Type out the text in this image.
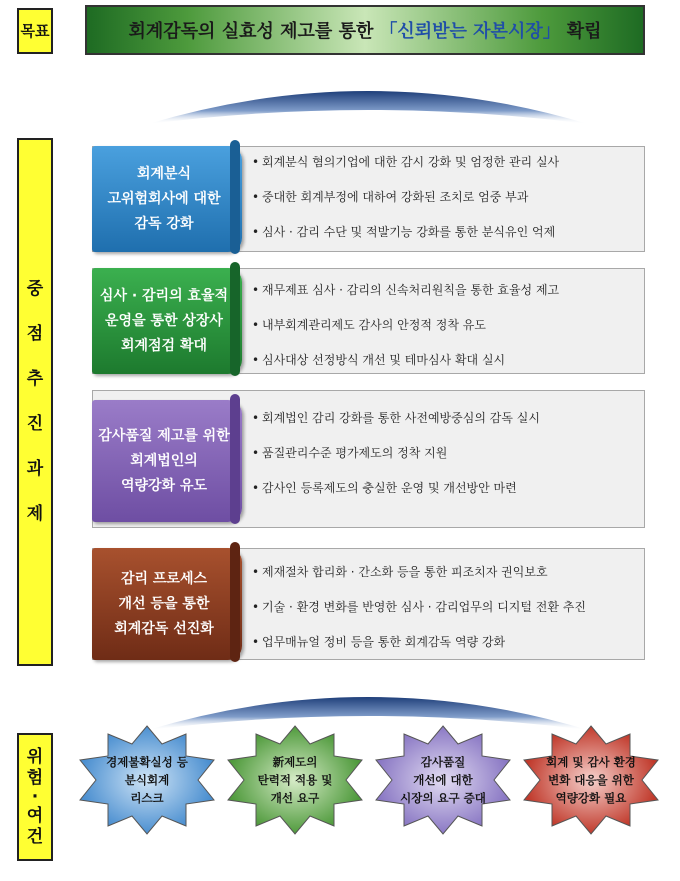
목표
중
점
추
진
과
제
위
험
·
여
건
회계감독의 실효성 제고를 통한 「신뢰받는 자본시장」 확립
회계분식
고위험회사에 대한
감독 강화
심사 · 감리의 효율적
운영을 통한 상장사
회계점검 확대
감사품질 제고를 위한
회계법인의
역량강화 유도
감리 프로세스
개선 등을 통한
회계감독 선진화
• 회계분식 혐의기업에 대한 감시 강화 및 엄정한 관리 실사
• 중대한 회계부정에 대하여 강화된 조치로 엄중 부과
• 심사 · 감리 수단 및 적발기능 강화를 통한 분식유인 억제
• 재무제표 심사 · 감리의 신속처리원칙을 통한 효율성 제고
• 내부회계관리제도 감사의 안정적 정착 유도
• 심사대상 선정방식 개선 및 테마심사 확대 실시
• 회계법인 감리 강화를 통한 사전예방중심의 감독 실시
• 품질관리수준 평가제도의 정착 지원
• 감사인 등록제도의 충실한 운영 및 개선방안 마련
• 제재절차 합리화 · 간소화 등을 통한 피조치자 권익보호
• 기술 · 환경 변화를 반영한 심사 · 감리업무의 디지털 전환 추진
• 업무매뉴얼 정비 등을 통한 회계감독 역량 강화
경제불확실성 등
분식회계
리스크
新제도의
탄력적 적용 및
개선 요구
감사품질
개선에 대한
시장의 요구 증대
회계 및 감사 환경
변화 대응을 위한
역량강화 필요
